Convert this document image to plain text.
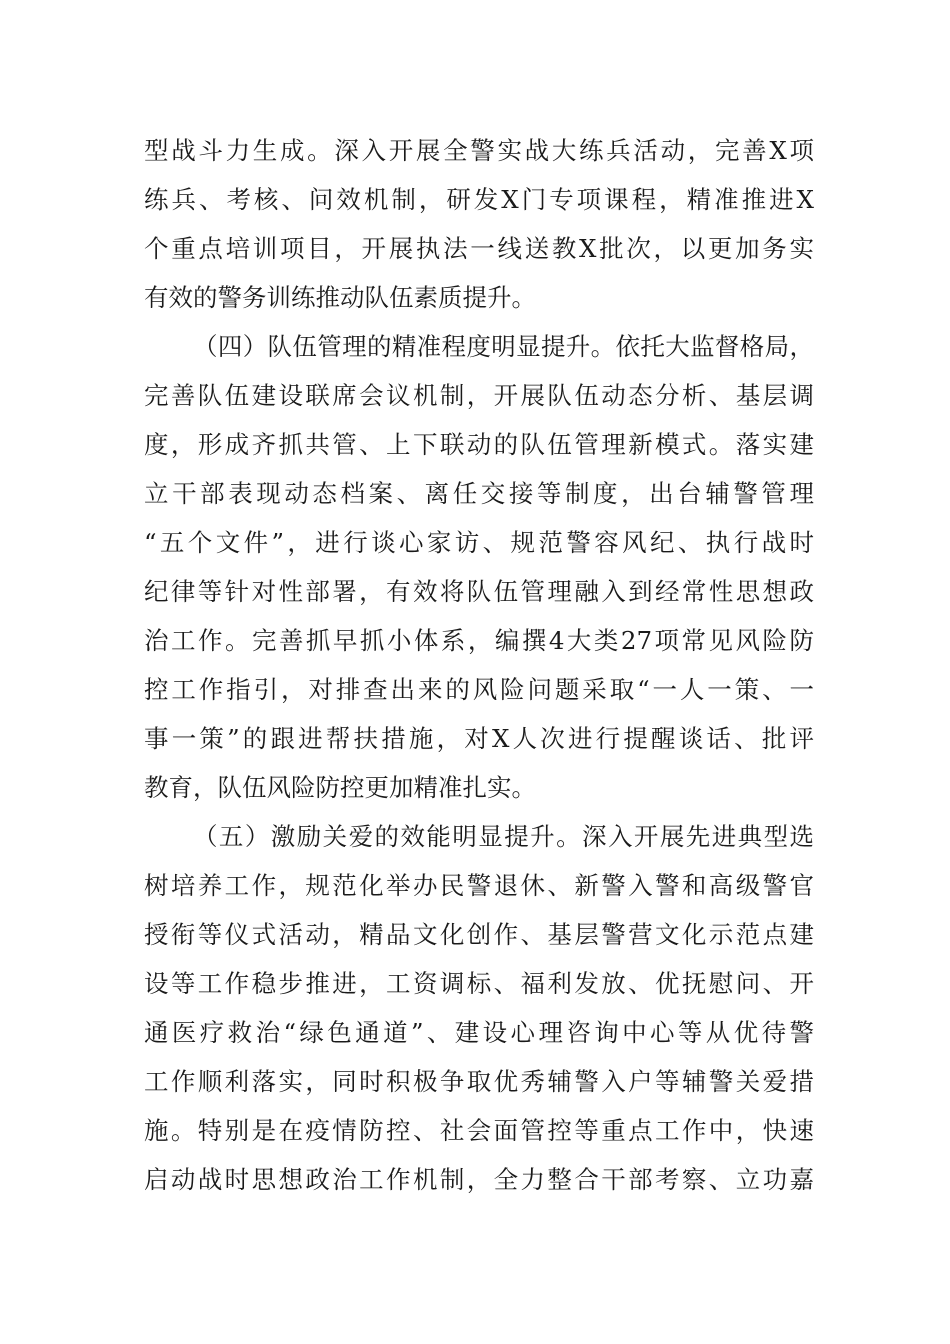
型战斗力生成。深入开展全警实战大练兵活动，完善X项
练兵、考核、问效机制，研发X门专项课程，精准推进X
个重点培训项目，开展执法一线送教X批次，以更加务实
有效的警务训练推动队伍素质提升。
（四）队伍管理的精准程度明显提升。依托大监督格局，
完善队伍建设联席会议机制，开展队伍动态分析、基层调
度，形成齐抓共管、上下联动的队伍管理新模式。落实建
立干部表现动态档案、离任交接等制度，出台辅警管理
“五个文件”，进行谈心家访、规范警容风纪、执行战时
纪律等针对性部署，有效将队伍管理融入到经常性思想政
治工作。完善抓早抓小体系，编撰4大类27项常见风险防
控工作指引，对排查出来的风险问题采取“一人一策、一
事一策”的跟进帮扶措施，对X人次进行提醒谈话、批评
教育，队伍风险防控更加精准扎实。
（五）激励关爱的效能明显提升。深入开展先进典型选
树培养工作，规范化举办民警退休、新警入警和高级警官
授衔等仪式活动，精品文化创作、基层警营文化示范点建
设等工作稳步推进，工资调标、福利发放、优抚慰问、开
通医疗救治“绿色通道”、建设心理咨询中心等从优待警
工作顺利落实，同时积极争取优秀辅警入户等辅警关爱措
施。特别是在疫情防控、社会面管控等重点工作中，快速
启动战时思想政治工作机制，全力整合干部考察、立功嘉
